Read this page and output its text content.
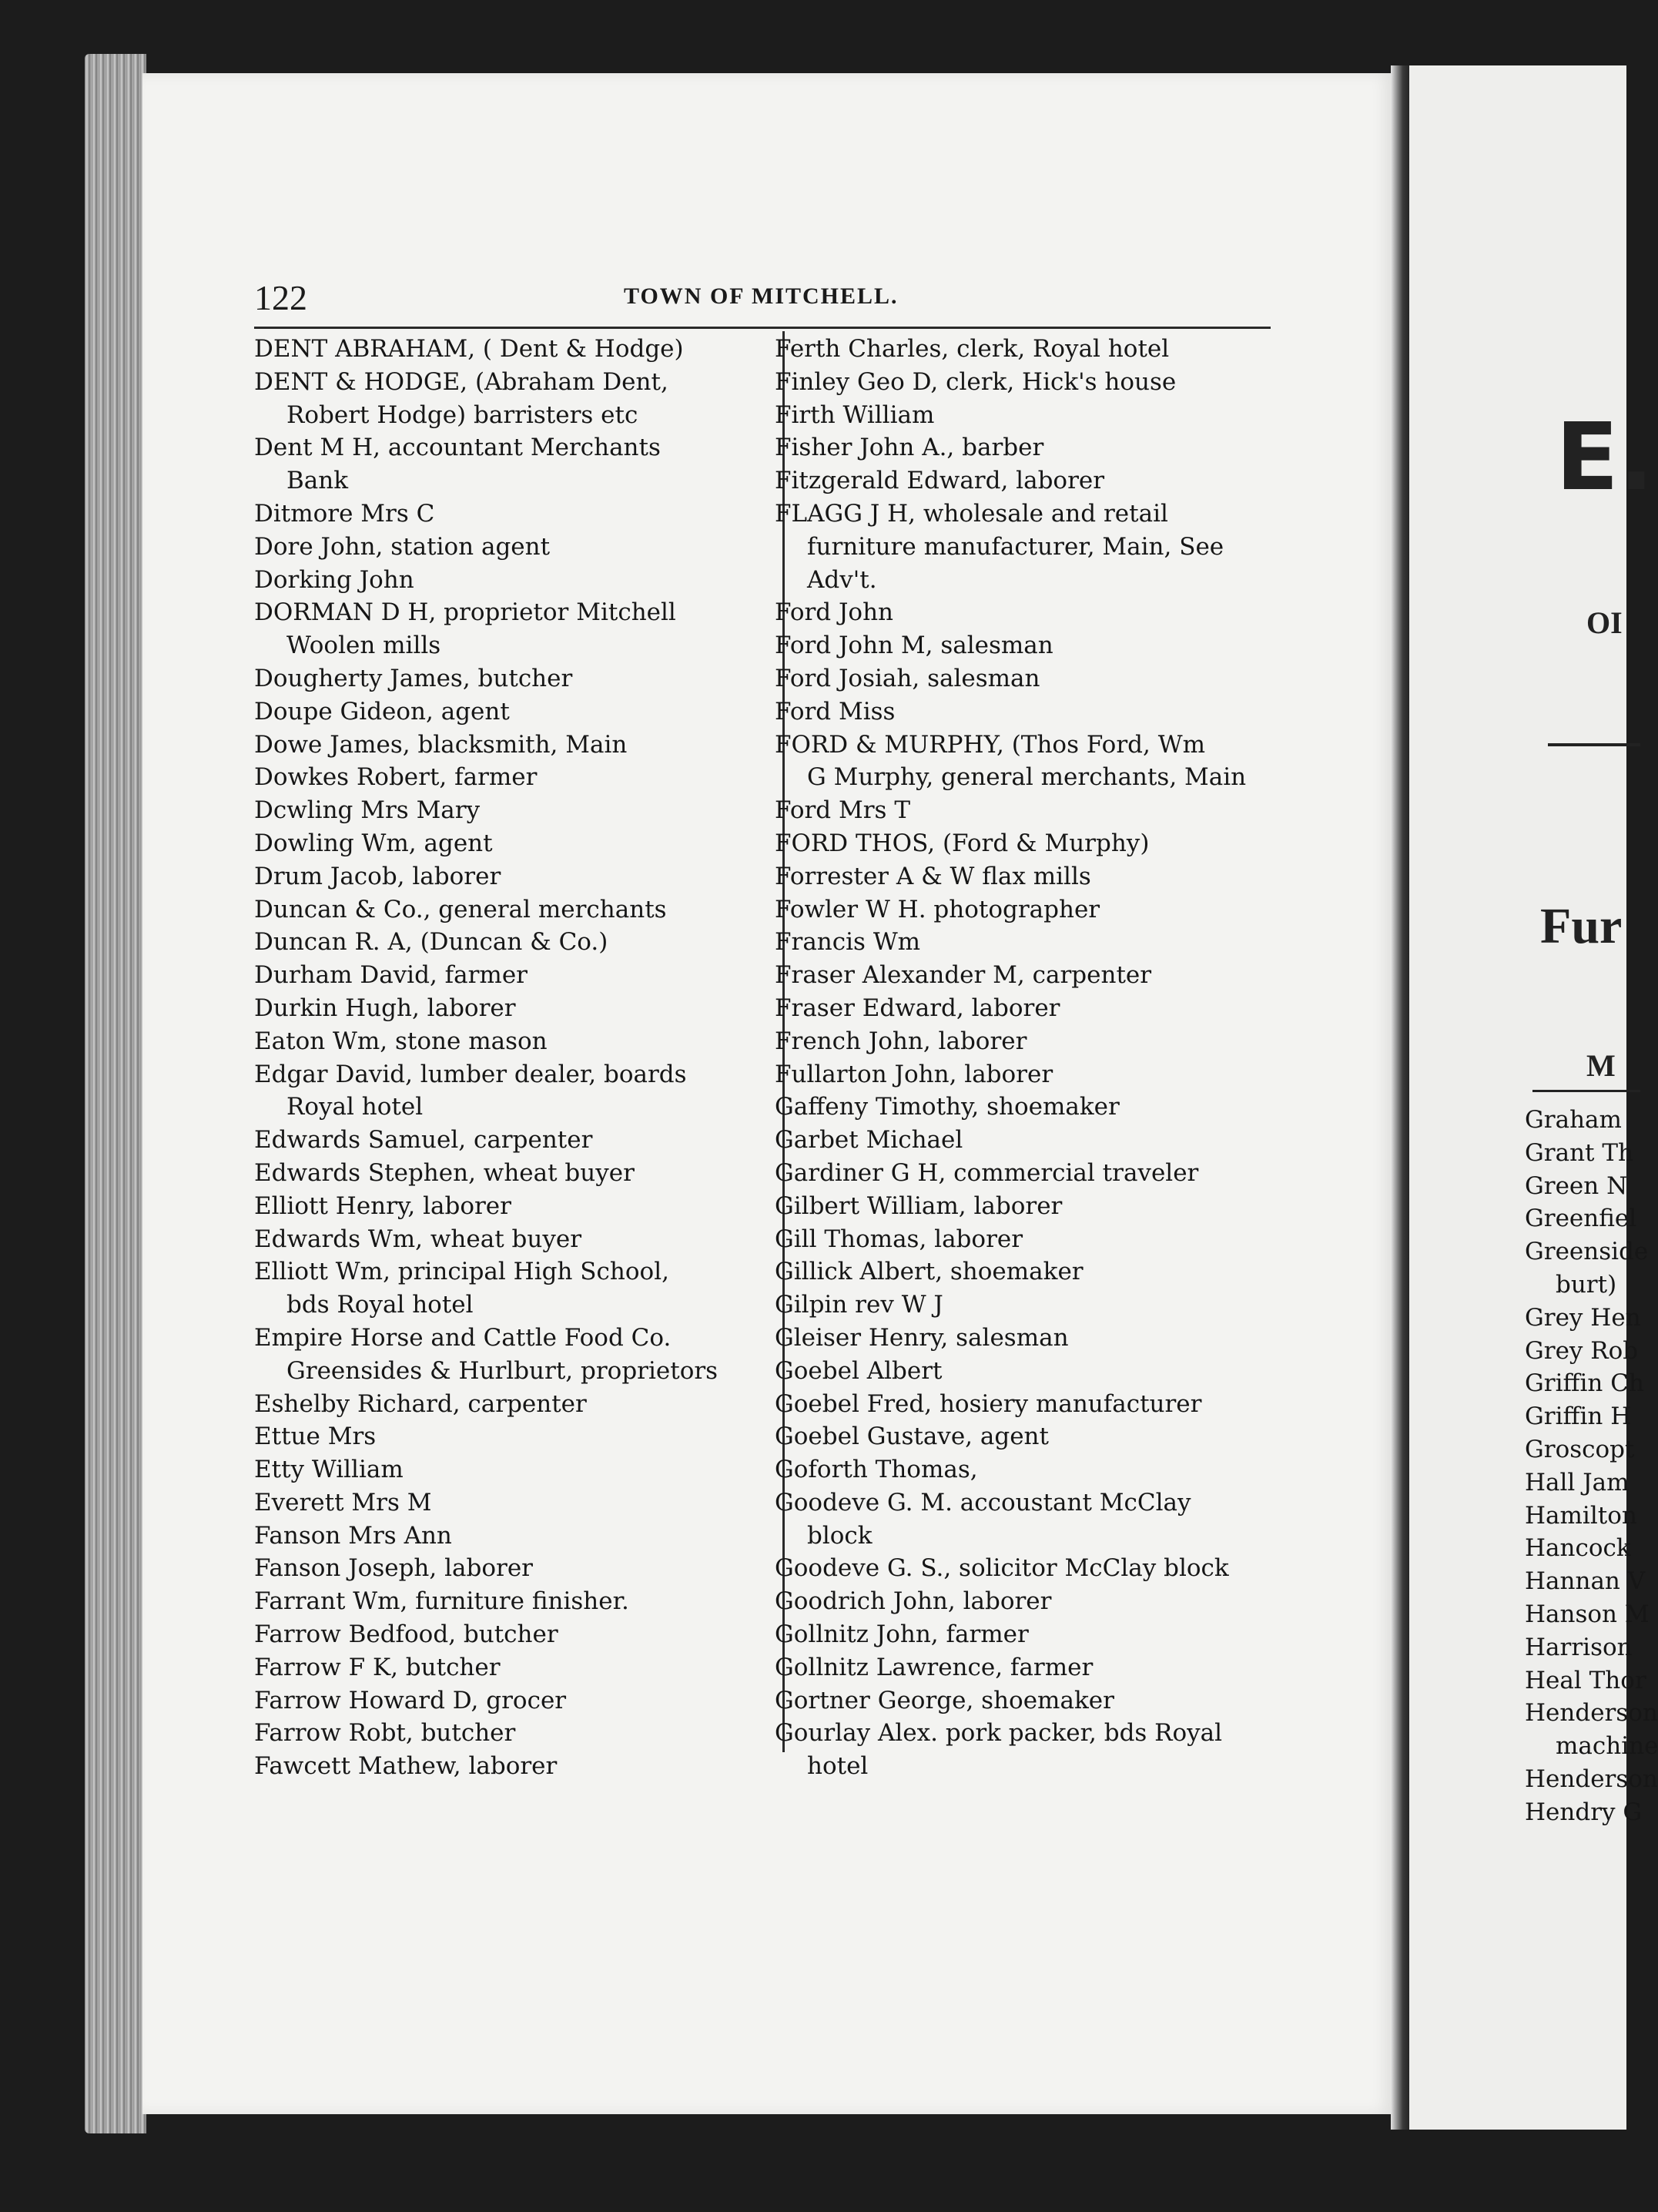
122	TOWN OF MITCHELL.

DENT ABRAHAM, ( Dent & Hodge)

DENT & HODGE, (Abraham Dent,
Robert Hodge) barristers etc

Dent M H, accountant Merchants
Bank

Ditmore Mrs C

Dore John, station agent

Dorking John

DORMAN D H, proprietor Mitchell
Woolen mills

Dougherty James, butcher

Doupe Gideon, agent

Dowe James, blacksmith, Main

Dowkes Robert, farmer

Dcwling Mrs Mary

Dowling Wm, agent

Drum Jacob, laborer

Duncan & Co., general merchants

Duncan R. A, (Duncan & Co.)

Durham David, farmer

Durkin Hugh, laborer

Eaton Wm, stone mason

Edgar David, lumber dealer, boards
Royal hotel

Edwards Samuel, carpenter

Edwards Stephen, wheat buyer

Elliott Henry, laborer

Edwards Wm, wheat buyer

Elliott Wm, principal High School,
bds Royal hotel

Empire Horse and Cattle Food Co.
Greensides & Hurlburt, proprietors

Eshelby Richard, carpenter

Ettue Mrs

Etty William

Everett Mrs M

Fanson Mrs Ann

Fanson Joseph, laborer

Farrant Wm, furniture finisher.

Farrow Bedfood, butcher

Farrow F K, butcher

Farrow Howard D, grocer

Farrow Robt, butcher

Fawcett Mathew, laborer

Ferth Charles, clerk, Royal hotel

Finley Geo D, clerk, Hick's house

Firth William

Fisher John A., barber

Fitzgerald Edward, laborer

FLAGG J H, wholesale and retail
furniture manufacturer, Main, See
Adv't.

Ford John

Ford John M, salesman

Ford Josiah, salesman

Ford Miss

FORD & MURPHY, (Thos Ford, Wm
G Murphy, general merchants, Main

Ford Mrs T

FORD THOS, (Ford & Murphy)

Forrester A & W flax mills

Fowler W H. photographer

Francis Wm

Fraser Alexander M, carpenter

Fraser Edward, laborer

French John, laborer

Fullarton John, laborer

Gaffeny Timothy, shoemaker

Garbet Michael

Gardiner G H, commercial traveler

Gilbert William, laborer

Gill Thomas, laborer

Gillick Albert, shoemaker

Gilpin rev W J

Gleiser Henry, salesman

Goebel Albert

Goebel Fred, hosiery manufacturer

Goebel Gustave, agent

Goforth Thomas,

Goodeve G. M. accoustant McClay
block

Goodeve G. S., solicitor McClay block

Goodrich John, laborer

Gollnitz John, farmer

Gollnitz Lawrence, farmer

Gortner George, shoemaker

Gourlay Alex. pork packer, bds Royal
hotel

E.
OI
Fur
M
Graham
Grant Th
Green N
Greenfiel
Greenside
burt)
Grey Hen
Grey Rob
Griffin Ch
Griffin H
Groscopt
Hall Jam
Hamilton
Hancock
Hannan V
Hanson M
Harrison
Heal Thor
Henderson
machine
Henderson
Hendry G
